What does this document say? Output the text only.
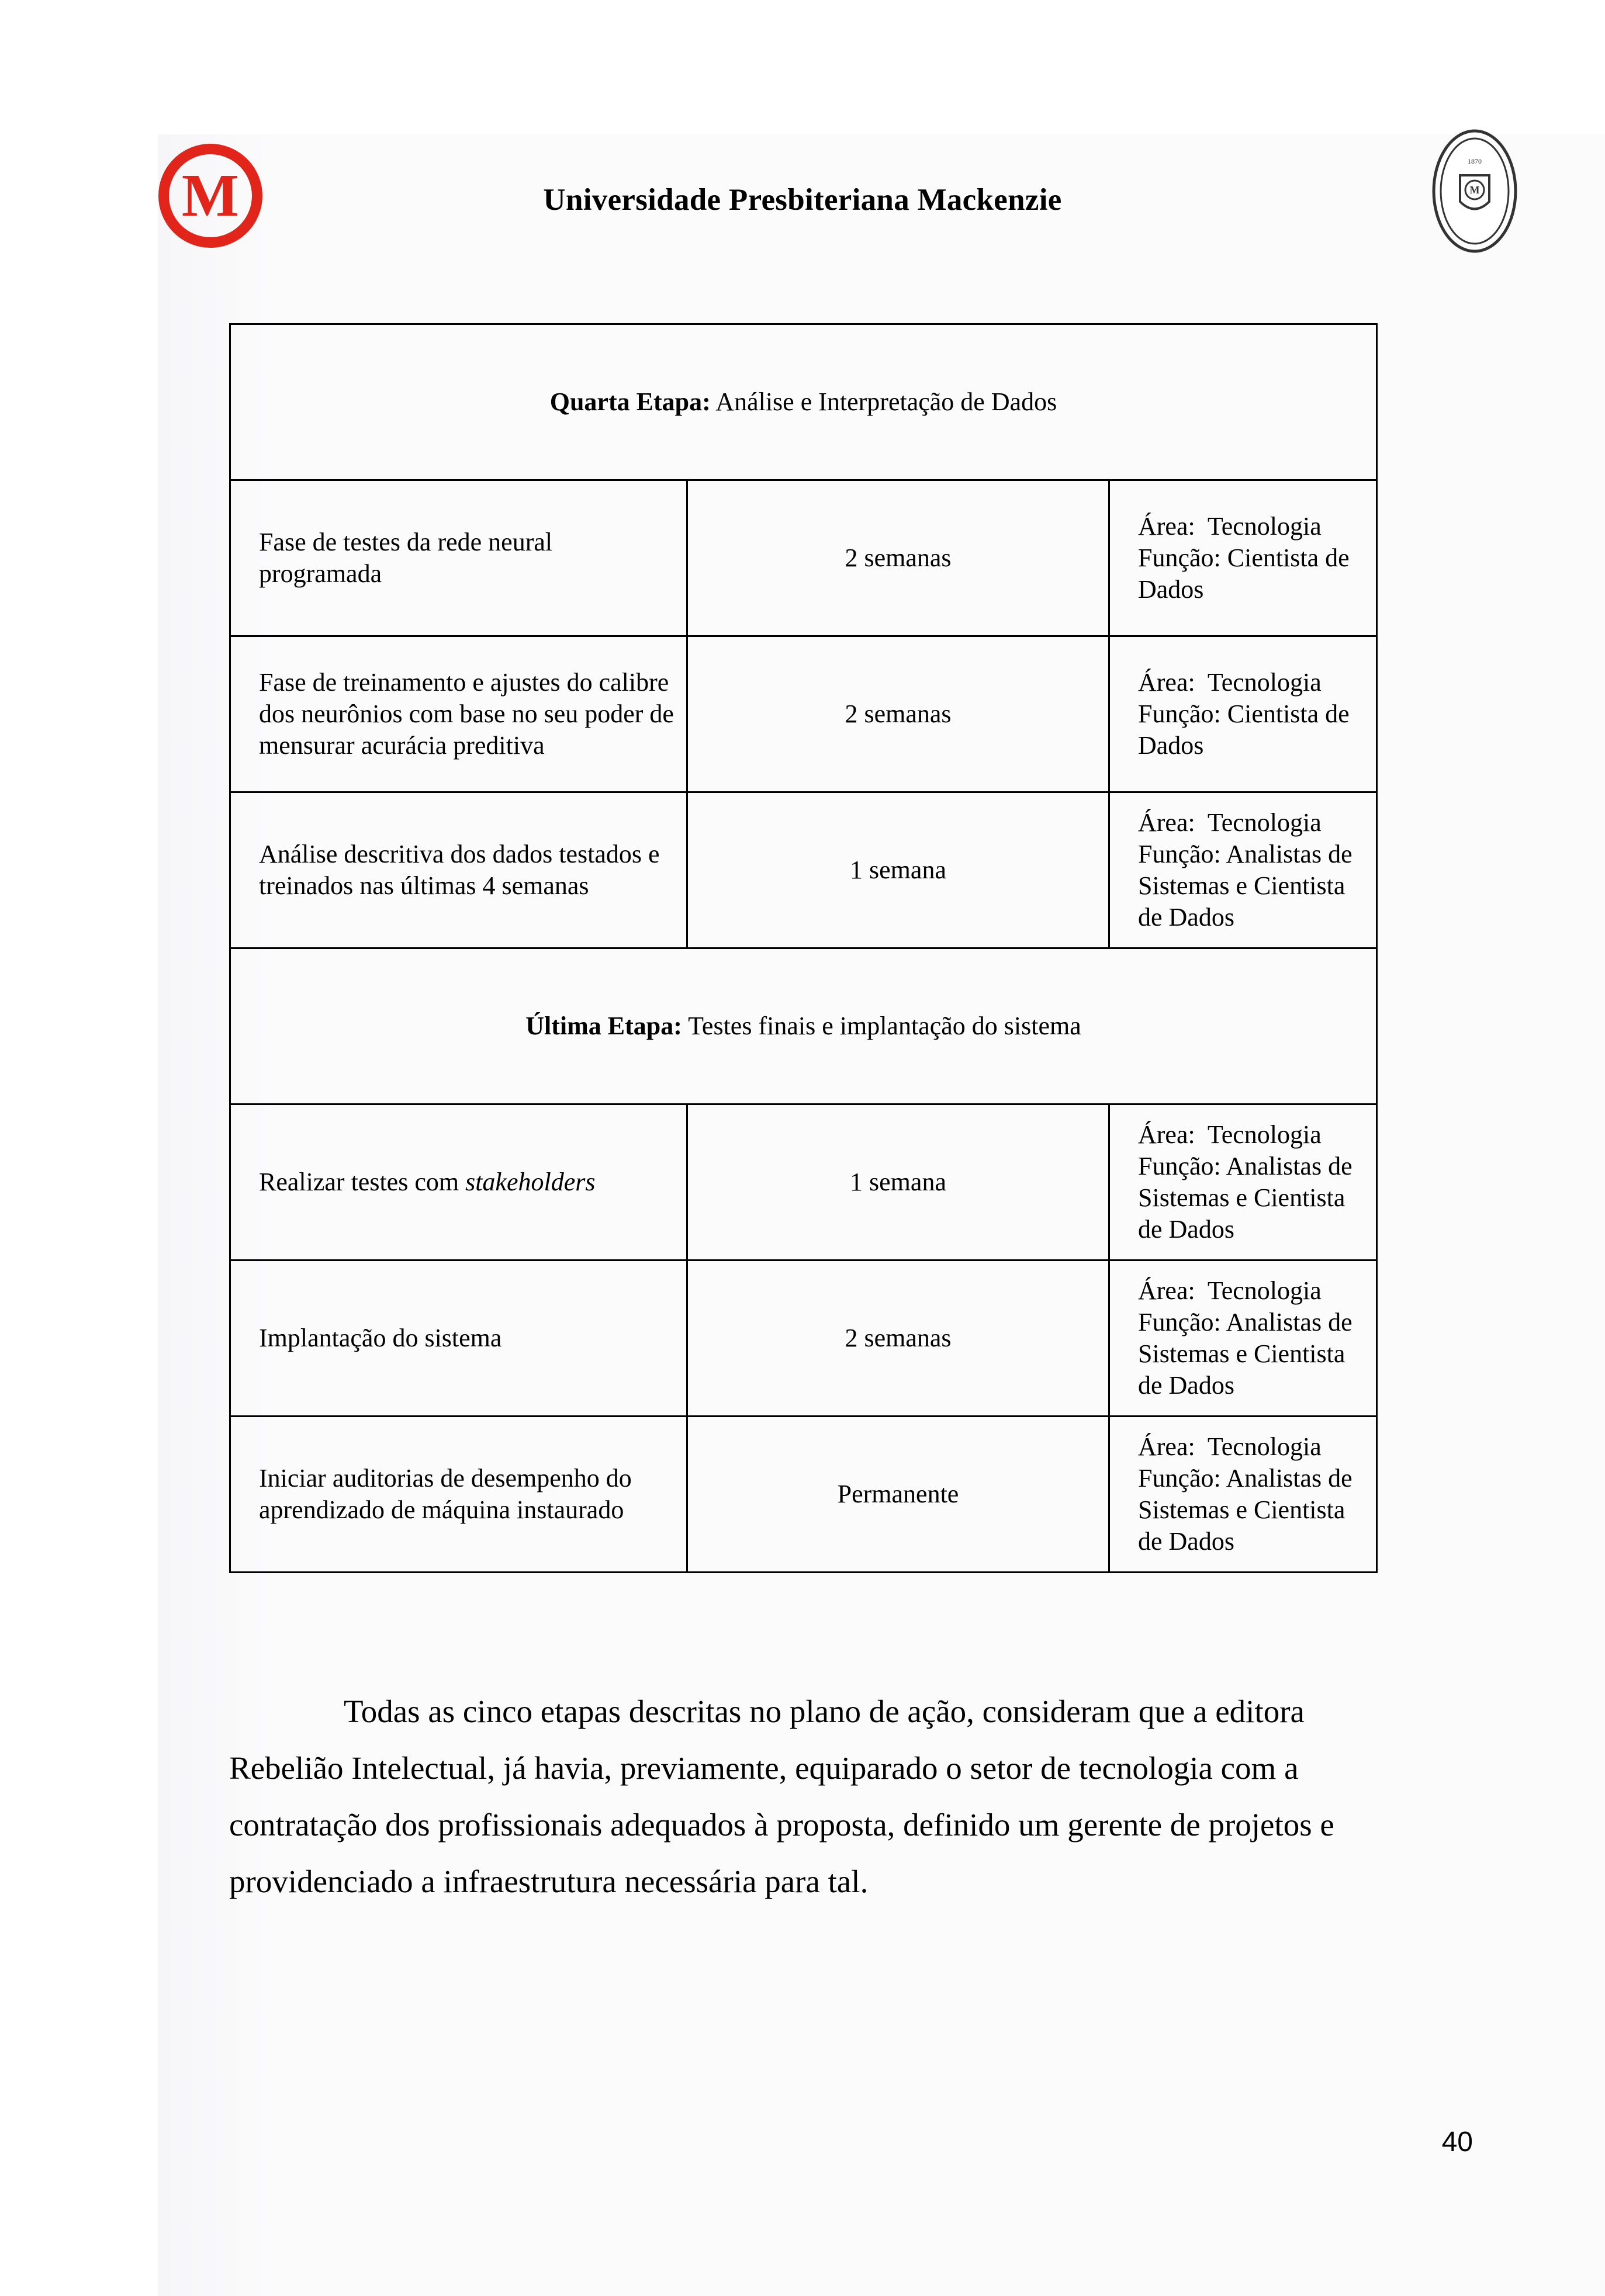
M	Universidade Presbiteriana Mackenzie	M
1870
Quarta Etapa: Análise e Interpretação de Dados		
Fase de testes da rede neural programada	2 semanas	Área:  Tecnologia
Função: Cientista de Dados

Fase de treinamento e ajustes do calibre dos neurônios com base no seu poder de mensurar acurácia preditiva	2 semanas	Área:  Tecnologia
Função: Cientista de Dados

Análise descritiva dos dados testados e treinados nas últimas 4 semanas	1 semana	Área:  Tecnologia
Função: Analistas de Sistemas e Cientista de Dados

Última Etapa: Testes finais e implantação do sistema		
Realizar testes com stakeholders	1 semana	Área:  Tecnologia
Função: Analistas de Sistemas e Cientista de Dados

Implantação do sistema	2 semanas	Área:  Tecnologia
Função: Analistas de Sistemas e Cientista de Dados

Iniciar auditorias de desempenho do aprendizado de máquina instaurado	Permanente	Área:  Tecnologia
Função: Analistas de Sistemas e Cientista de Dados

Todas as cinco etapas descritas no plano de ação, consideram que a editora Rebelião Intelectual, já havia, previamente, equiparado o setor de tecnologia com a contratação dos profissionais adequados à proposta, definido um gerente de projetos e providenciado a infraestrutura necessária para tal.

40
